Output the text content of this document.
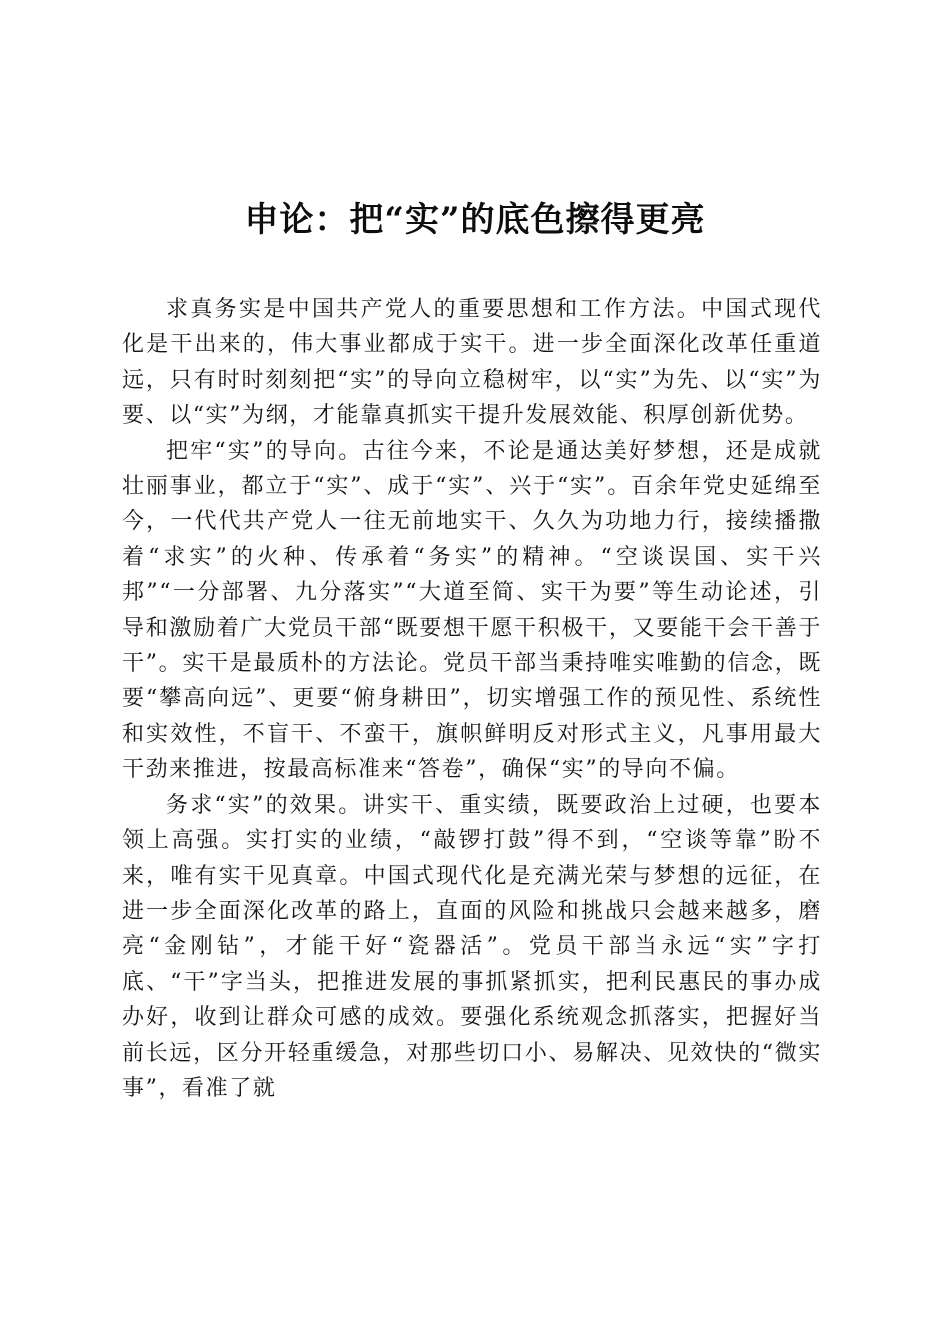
申论：把“实”的底色擦得更亮

求真务实是中国共产党人的重要思想和工作方法。中国式现代化是干出来的，伟大事业都成于实干。进一步全面深化改革任重道远，只有时时刻刻把“实”的导向立稳树牢，以“实”为先、以“实”为要、以“实”为纲，才能靠真抓实干提升发展效能、积厚创新优势。

把牢“实”的导向。古往今来，不论是通达美好梦想，还是成就壮丽事业，都立于“实”、成于“实”、兴于“实”。百余年党史延绵至今，一代代共产党人一往无前地实干、久久为功地力行，接续播撒着“求实”的火种、传承着“务实”的精神。“空谈误国、实干兴邦”“一分部署、九分落实”“大道至简、实干为要”等生动论述，引导和激励着广大党员干部“既要想干愿干积极干，又要能干会干善于干”。实干是最质朴的方法论。党员干部当秉持唯实唯勤的信念，既要“攀高向远”、更要“俯身耕田”，切实增强工作的预见性、系统性和实效性，不盲干、不蛮干，旗帜鲜明反对形式主义，凡事用最大干劲来推进，按最高标准来“答卷”，确保“实”的导向不偏。

务求“实”的效果。讲实干、重实绩，既要政治上过硬，也要本领上高强。实打实的业绩，“敲锣打鼓”得不到，“空谈等靠”盼不来，唯有实干见真章。中国式现代化是充满光荣与梦想的远征，在进一步全面深化改革的路上，直面的风险和挑战只会越来越多，磨亮“金刚钻”，才能干好“瓷器活”。党员干部当永远“实”字打底、“干”字当头，把推进发展的事抓紧抓实，把利民惠民的事办成办好，收到让群众可感的成效。要强化系统观念抓落实，把握好当前长远，区分开轻重缓急，对那些切口小、易解决、见效快的“微实事”，看准了就
